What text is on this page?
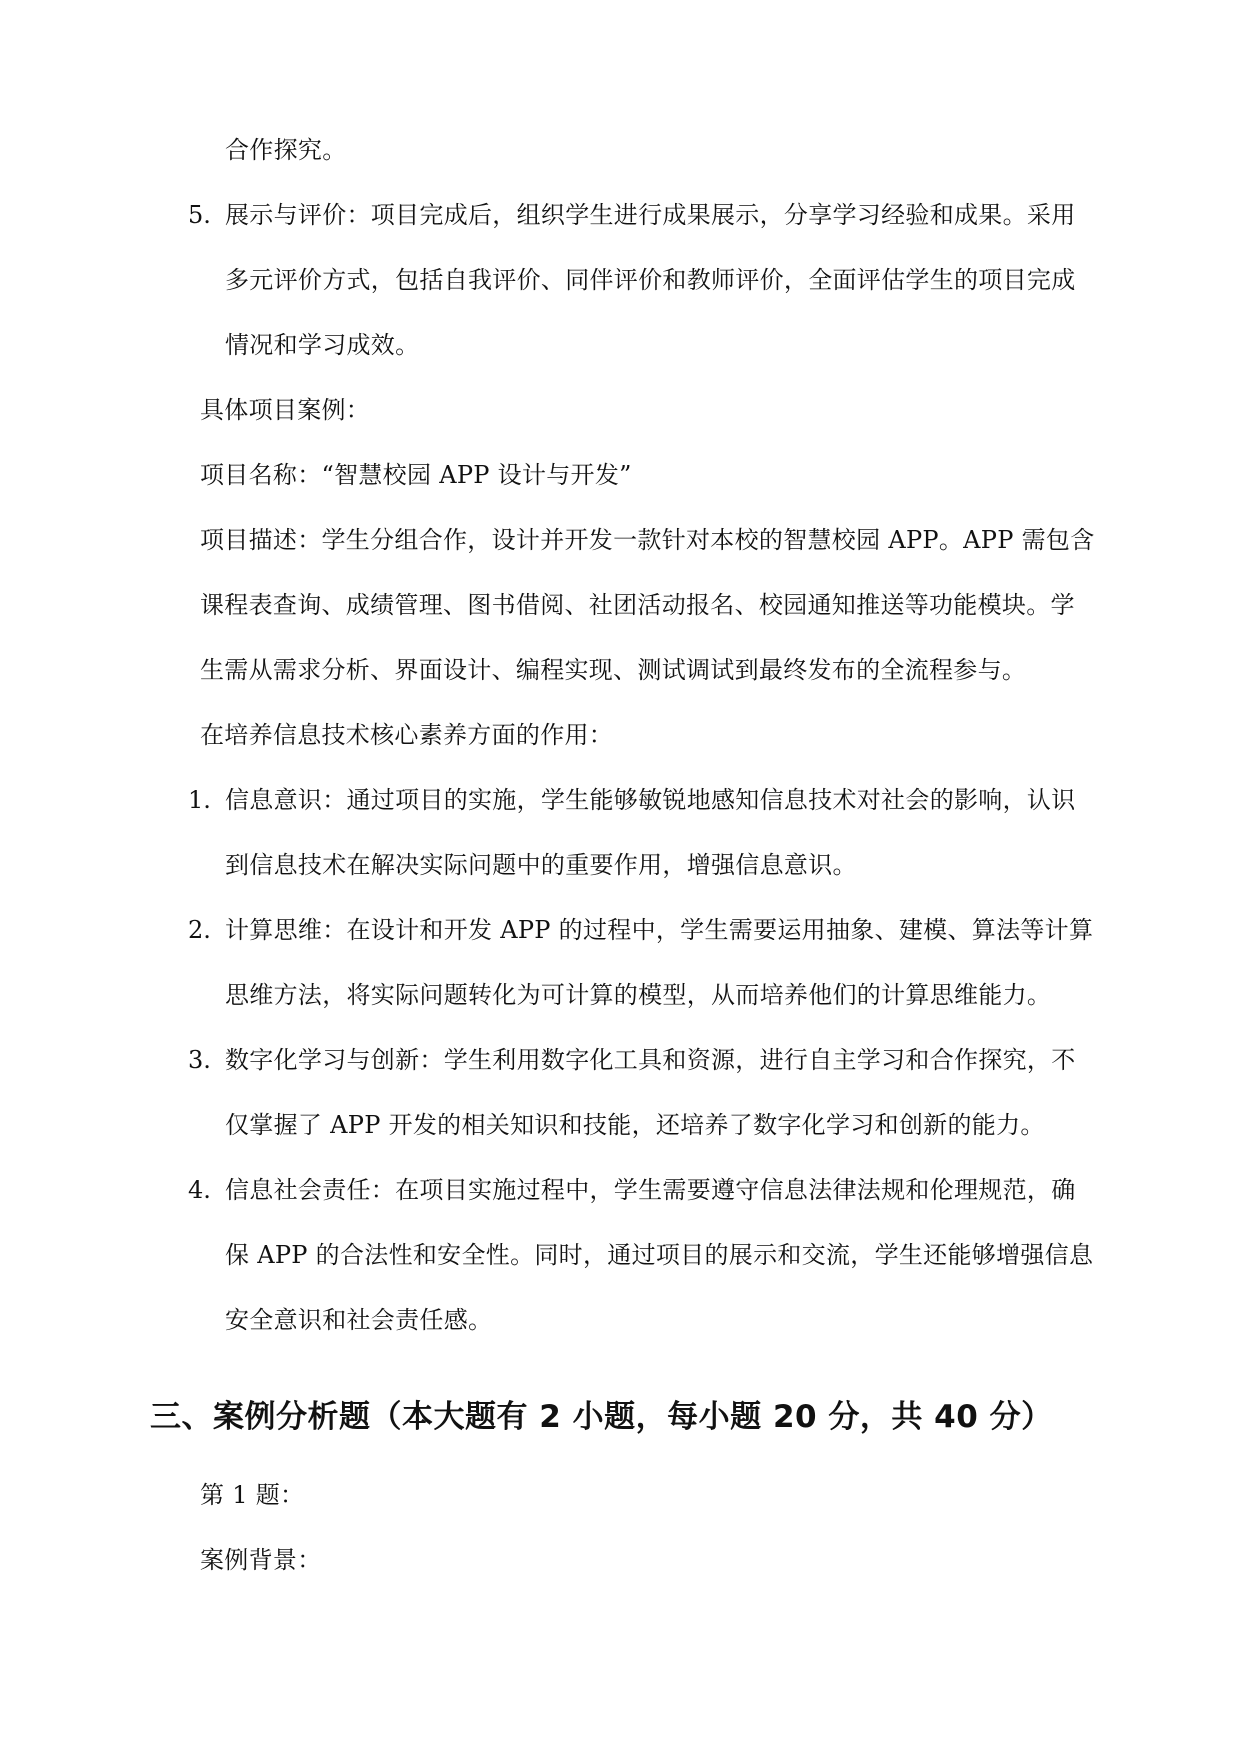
合作探究。
5. 展示与评价：项目完成后，组织学生进行成果展示，分享学习经验和成果。采用
多元评价方式，包括自我评价、同伴评价和教师评价，全面评估学生的项目完成
情况和学习成效。
具体项目案例：
项目名称：“智慧校园 APP 设计与开发”
项目描述：学生分组合作，设计并开发一款针对本校的智慧校园 APP。APP 需包含
课程表查询、成绩管理、图书借阅、社团活动报名、校园通知推送等功能模块。学
生需从需求分析、界面设计、编程实现、测试调试到最终发布的全流程参与。
在培养信息技术核心素养方面的作用：
1. 信息意识：通过项目的实施，学生能够敏锐地感知信息技术对社会的影响，认识
到信息技术在解决实际问题中的重要作用，增强信息意识。
2. 计算思维：在设计和开发 APP 的过程中，学生需要运用抽象、建模、算法等计算
思维方法，将实际问题转化为可计算的模型，从而培养他们的计算思维能力。
3. 数字化学习与创新：学生利用数字化工具和资源，进行自主学习和合作探究，不
仅掌握了 APP 开发的相关知识和技能，还培养了数字化学习和创新的能力。
4. 信息社会责任：在项目实施过程中，学生需要遵守信息法律法规和伦理规范，确
保 APP 的合法性和安全性。同时，通过项目的展示和交流，学生还能够增强信息
安全意识和社会责任感。
三、案例分析题（本大题有 2 小题，每小题 20 分，共 40 分）
第 1 题：
案例背景：
